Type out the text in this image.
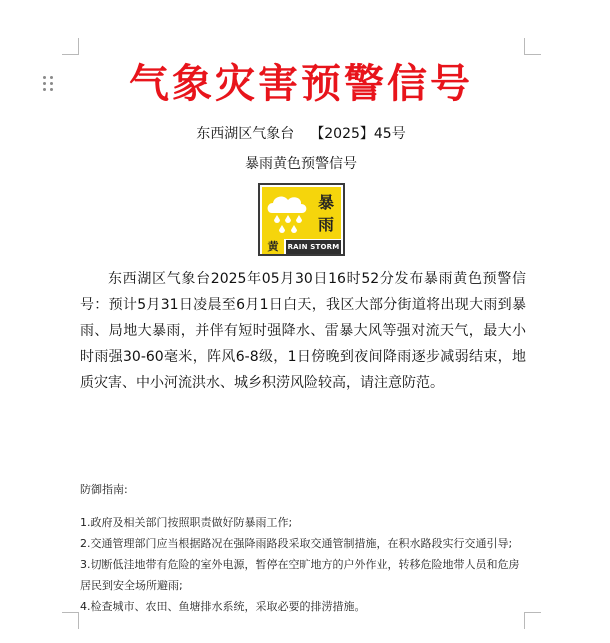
气象灾害预警信号
东西湖区气象台 【2025】45号
暴雨黄色预警信号
暴
雨
黄	RAIN STORM

东西湖区气象台2025年05月30日16时52分发布暴雨黄色预警信号：预计5月31日凌晨至6月1日白天，我区大部分街道将出现大雨到暴雨、局地大暴雨，并伴有短时强降水、雷暴大风等强对流天气，最大小时雨强30-60毫米，阵风6-8级，1日傍晚到夜间降雨逐步减弱结束，地质灾害、中小河流洪水、城乡积涝风险较高，请注意防范。

防御指南:
1.政府及相关部门按照职责做好防暴雨工作;
2.交通管理部门应当根据路况在强降雨路段采取交通管制措施，在积水路段实行交通引导;
3.切断低洼地带有危险的室外电源，暂停在空旷地方的户外作业，转移危险地带人员和危房居民到安全场所避雨;
4.检查城市、农田、鱼塘排水系统，采取必要的排涝措施。
